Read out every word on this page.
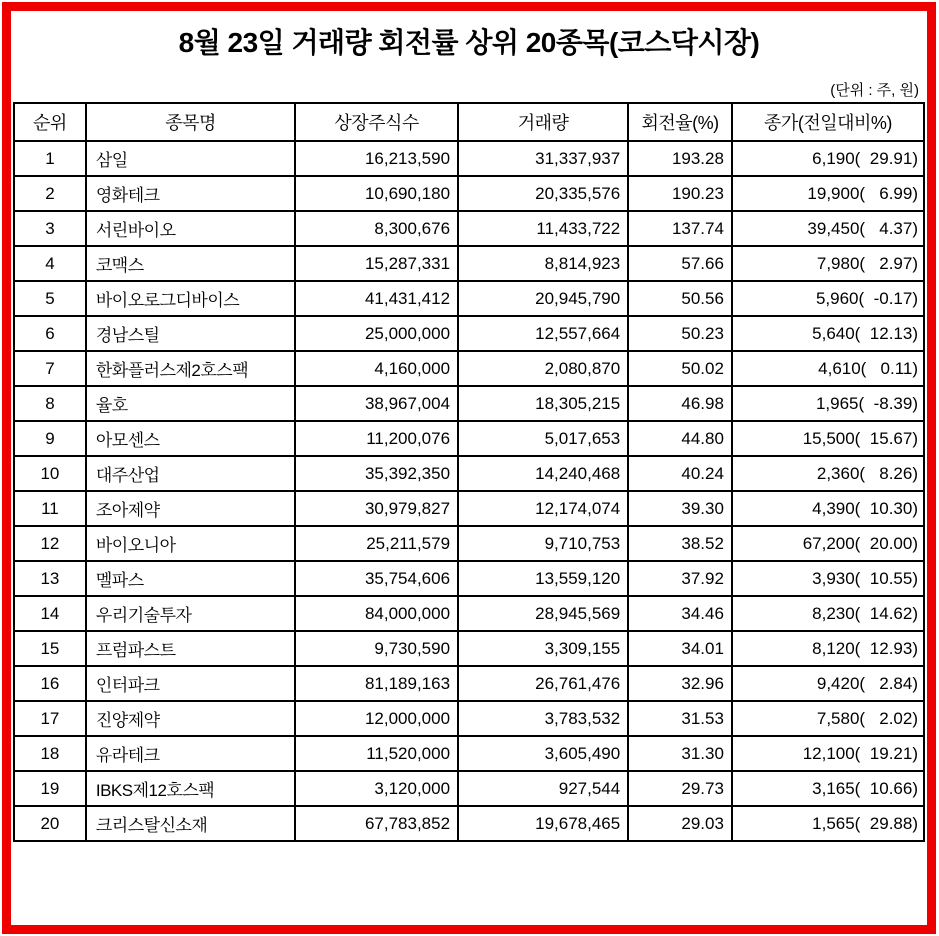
8월 23일 거래량 회전률 상위 20종목(코스닥시장)
(단위 : 주, 원)
순위	종목명	상장주식수	거래량	회전율(%)	종가(전일대비%)
1	삼일	16,213,590	31,337,937	193.28	6,190(  29.91)
2	영화테크	10,690,180	20,335,576	190.23	19,900(   6.99)
3	서린바이오	8,300,676	11,433,722	137.74	39,450(   4.37)
4	코맥스	15,287,331	8,814,923	57.66	7,980(   2.97)
5	바이오로그디바이스	41,431,412	20,945,790	50.56	5,960(  -0.17)
6	경남스틸	25,000,000	12,557,664	50.23	5,640(  12.13)
7	한화플러스제2호스팩	4,160,000	2,080,870	50.02	4,610(   0.11)
8	율호	38,967,004	18,305,215	46.98	1,965(  -8.39)
9	아모센스	11,200,076	5,017,653	44.80	15,500(  15.67)
10	대주산업	35,392,350	14,240,468	40.24	2,360(   8.26)
11	조아제약	30,979,827	12,174,074	39.30	4,390(  10.30)
12	바이오니아	25,211,579	9,710,753	38.52	67,200(  20.00)
13	멜파스	35,754,606	13,559,120	37.92	3,930(  10.55)
14	우리기술투자	84,000,000	28,945,569	34.46	8,230(  14.62)
15	프럼파스트	9,730,590	3,309,155	34.01	8,120(  12.93)
16	인터파크	81,189,163	26,761,476	32.96	9,420(   2.84)
17	진양제약	12,000,000	3,783,532	31.53	7,580(   2.02)
18	유라테크	11,520,000	3,605,490	31.30	12,100(  19.21)
19	IBKS제12호스팩	3,120,000	927,544	29.73	3,165(  10.66)
20	크리스탈신소재	67,783,852	19,678,465	29.03	1,565(  29.88)
